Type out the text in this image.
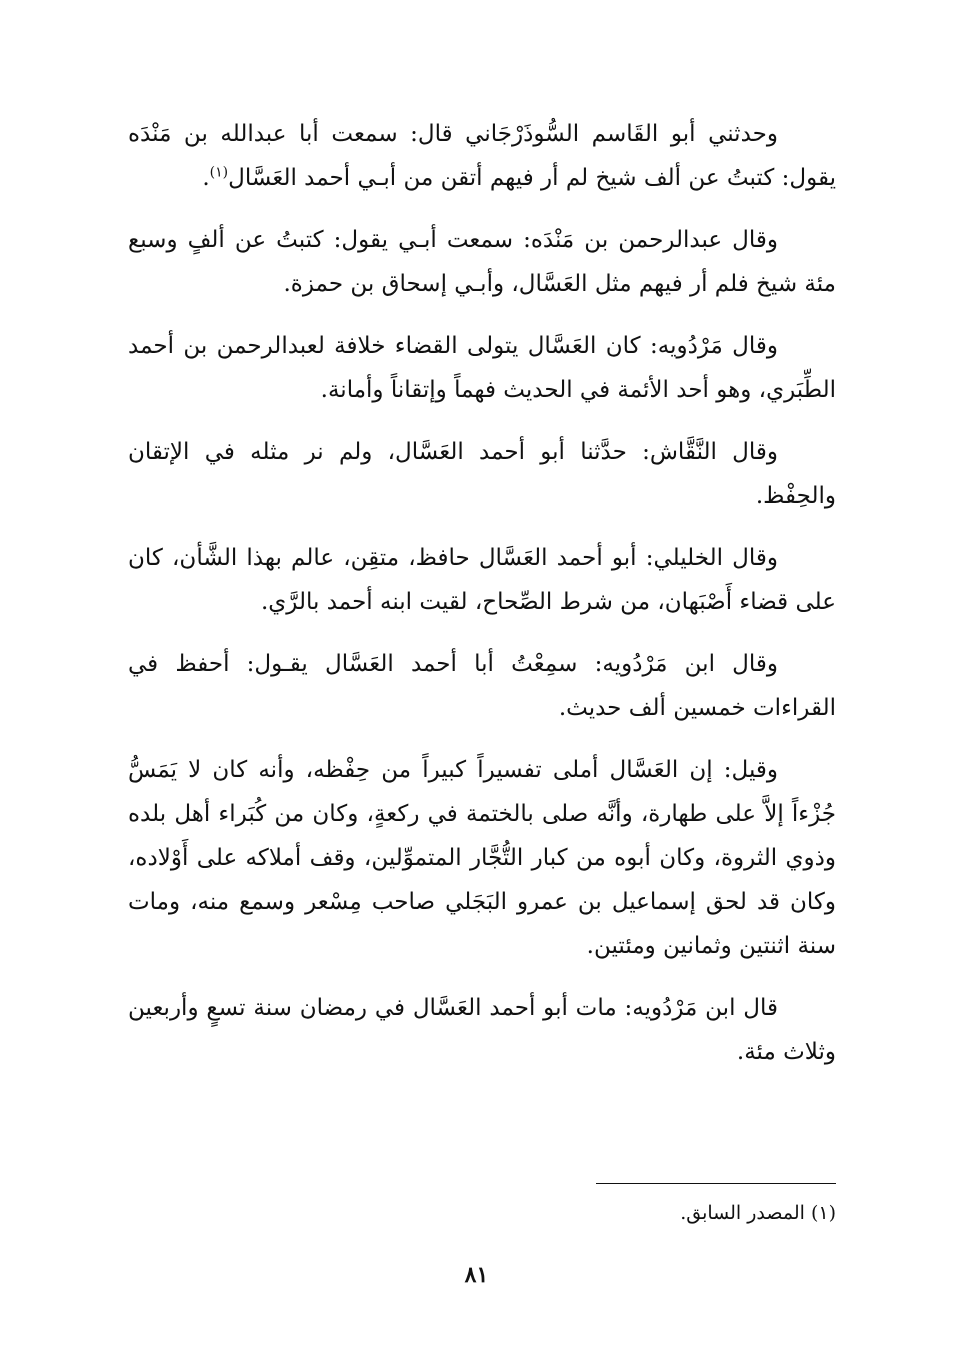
وحدثني أبو القَاسم السُّوذَرْجَاني قال: سمعت أبا عبدالله بن مَنْدَه يقول: كتبتُ عن ألف شيخ لم أر فيهم أتقن من أبـي أحمد العَسَّال$^{(١)}$.

وقال عبدالرحمن بن مَنْدَه: سمعت أبـي يقول: كتبتُ عن ألفٍ وسبع مئة شيخ فلم أر فيهم مثل العَسَّال، وأبـي إسحاق بن حمزة.

وقال مَرْدُويه: كان العَسَّال يتولى القضاء خلافة لعبدالرحمن بن أحمد الطِّبَري، وهو أحد الأئمة في الحديث فهماً وإتقاناً وأمانة.

وقال النَّقَّاش: حدَّثنا أبو أحمد العَسَّال، ولم نر مثله في الإتقان والحِفْظ.

وقال الخليلي: أبو أحمد العَسَّال حافظ، متقِن، عالم بهذا الشَّأن، كان على قضاء أَصْبَهان، من شرط الصِّحاح، لقيت ابنه أحمد بالرَّي.

وقال ابن مَرْدُويه: سمِعْتُ أبا أحمد العَسَّال يقـول: أحفظ في القراءات خمسين ألف حديث.

وقيل: إن العَسَّال أملى تفسيراً كبيراً من حِفْظه، وأنه كان لا يَمَسُّ جُزْءاً إلاَّ على طهارة، وأنَّه صلى بالختمة في ركعةٍ، وكان من كُبَراء أهل بلده وذوي الثروة، وكان أبوه من كبار التُّجَّار المتموِّلين، وقف أملاكه على أَوْلاده، وكان قد لحق إسماعيل بن عمرو البَجَلي صاحب مِسْعر وسمع منه، ومات سنة اثنتين وثمانين ومئتين.

قال ابن مَرْدُويه: مات أبو أحمد العَسَّال في رمضان سنة تسعٍ وأربعين وثلاث مئة.

(١) المصدر السابق.
٨١
